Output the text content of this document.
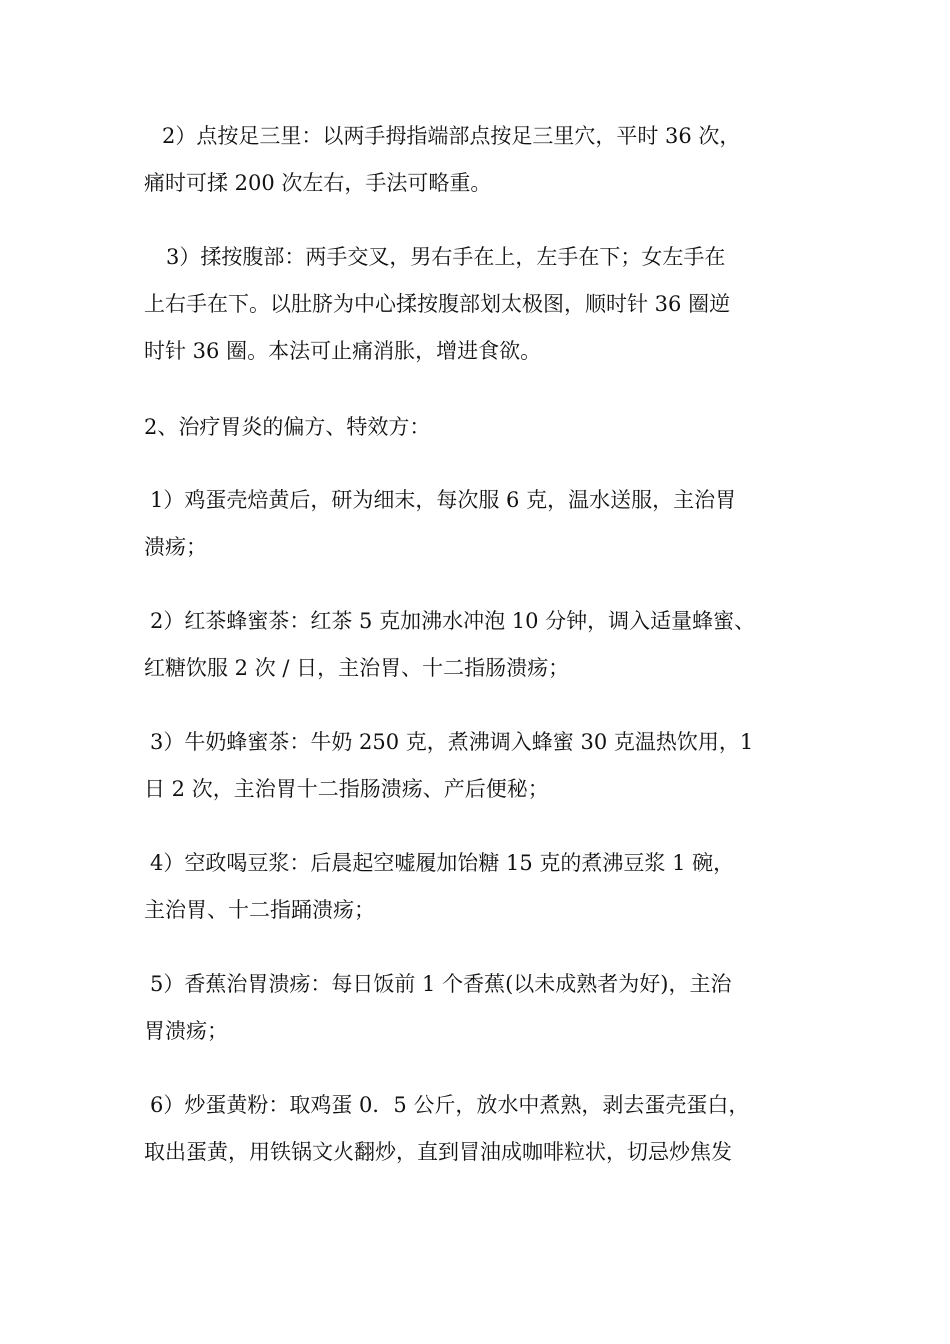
2）点按足三里：以两手拇指端部点按足三里穴，平时 36 次，
痛时可揉 200 次左右，手法可略重。
3）揉按腹部：两手交叉，男右手在上，左手在下；女左手在
上右手在下。以肚脐为中心揉按腹部划太极图，顺时针 36 圈逆
时针 36 圈。本法可止痛消胀，增进食欲。
2、治疗胃炎的偏方、特效方：
1）鸡蛋壳焙黄后，研为细末，每次服 6 克，温水送服，主治胃
溃疡；
2）红茶蜂蜜茶：红茶 5 克加沸水冲泡 10 分钟，调入适量蜂蜜、
红糖饮服 2 次 / 日，主治胃、十二指肠溃疡；
3）牛奶蜂蜜茶：牛奶 250 克，煮沸调入蜂蜜 30 克温热饮用，1
日 2 次，主治胃十二指肠溃疡、产后便秘；
4）空政喝豆浆：后晨起空嘘履加饴糖 15 克的煮沸豆浆 1 碗，
主治胃、十二指踊溃疡；
5）香蕉治胃溃疡：每日饭前 1 个香蕉(以未成熟者为好)，主治
胃溃疡；
6）炒蛋黄粉：取鸡蛋 0．5 公斤，放水中煮熟，剥去蛋壳蛋白，
取出蛋黄，用铁锅文火翻炒，直到冒油成咖啡粒状，切忌炒焦发
